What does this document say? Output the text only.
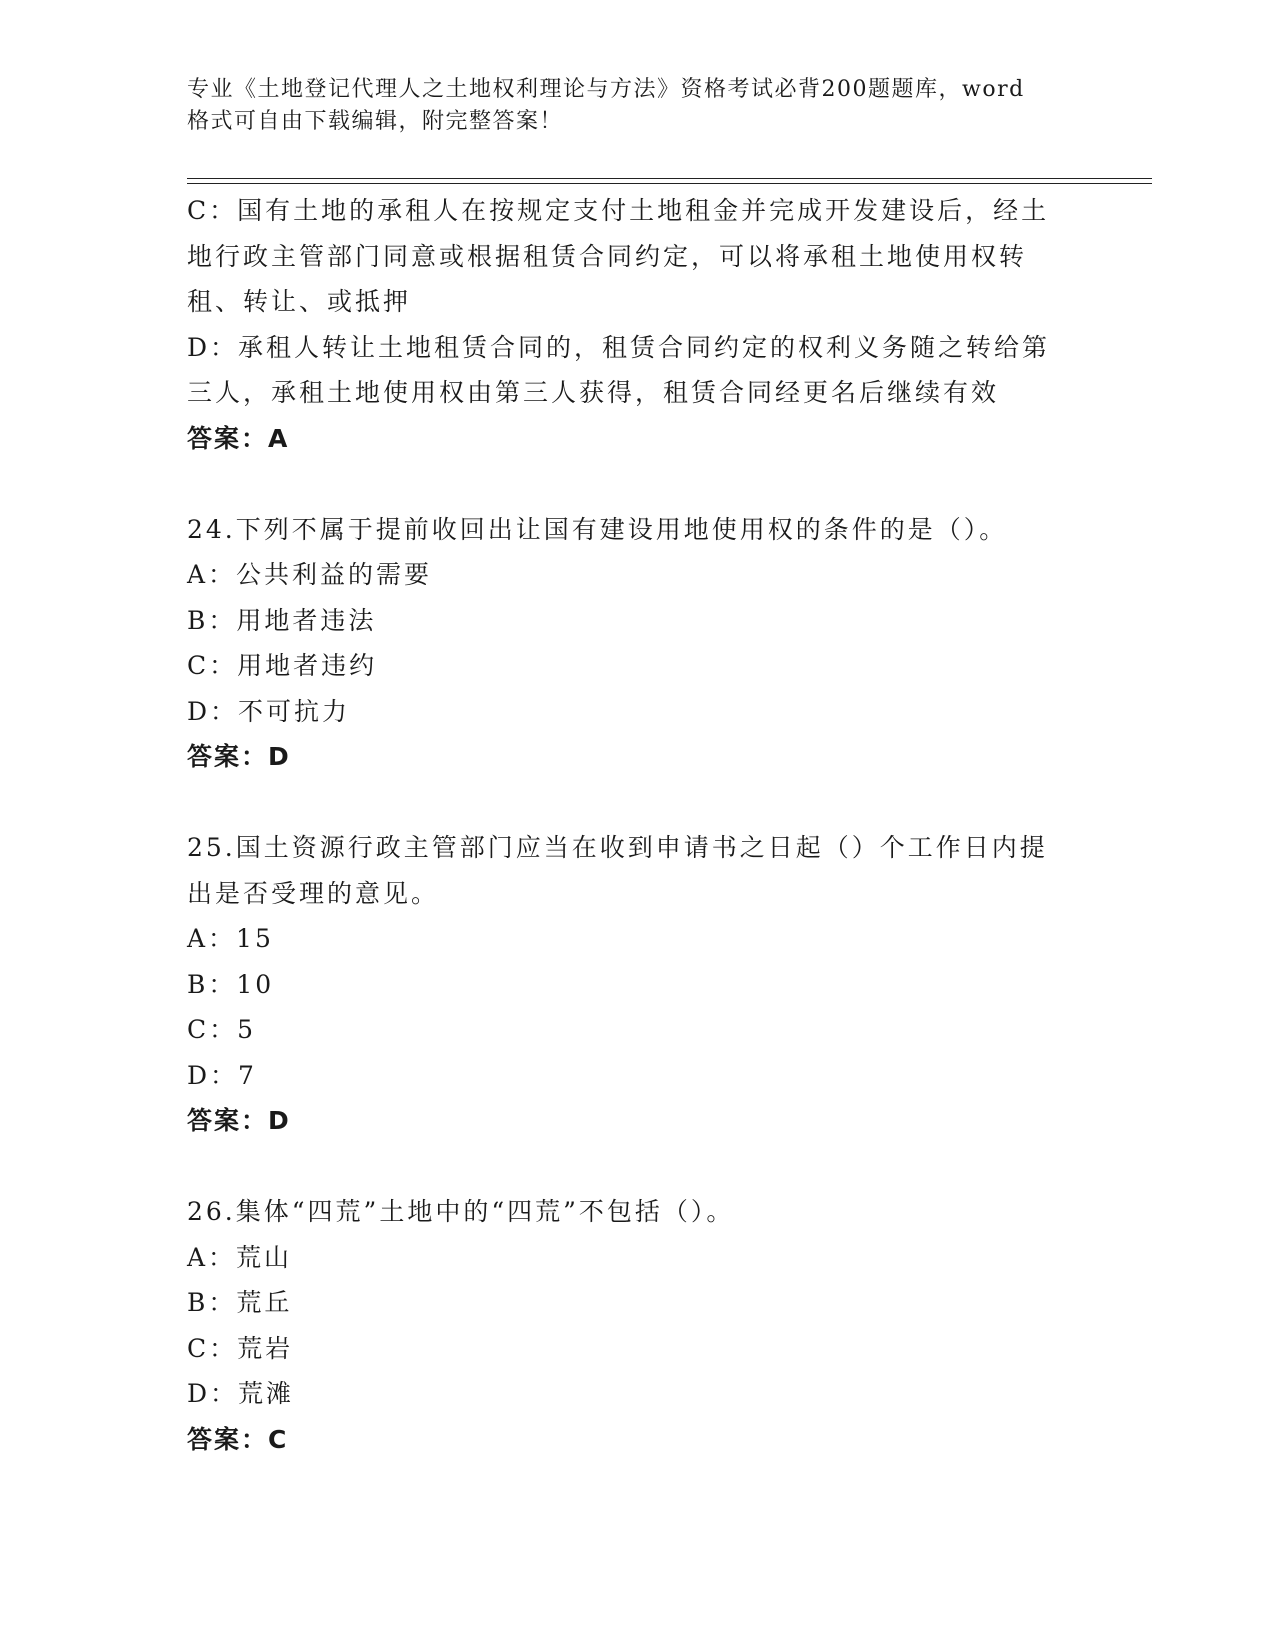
专业《土地登记代理人之土地权利理论与方法》资格考试必背200题题库，word
格式可自由下载编辑，附完整答案！
C：国有土地的承租人在按规定支付土地租金并完成开发建设后，经土
地行政主管部门同意或根据租赁合同约定，可以将承租土地使用权转
租、转让、或抵押
D：承租人转让土地租赁合同的，租赁合同约定的权利义务随之转给第
三人，承租土地使用权由第三人获得，租赁合同经更名后继续有效
答案：A
24.下列不属于提前收回出让国有建设用地使用权的条件的是（）。
A：公共利益的需要
B：用地者违法
C：用地者违约
D：不可抗力
答案：D
25.国土资源行政主管部门应当在收到申请书之日起（）个工作日内提
出是否受理的意见。
A：15
B：10
C：5
D：7
答案：D
26.集体“四荒”土地中的“四荒”不包括（）。
A：荒山
B：荒丘
C：荒岩
D：荒滩
答案：C
